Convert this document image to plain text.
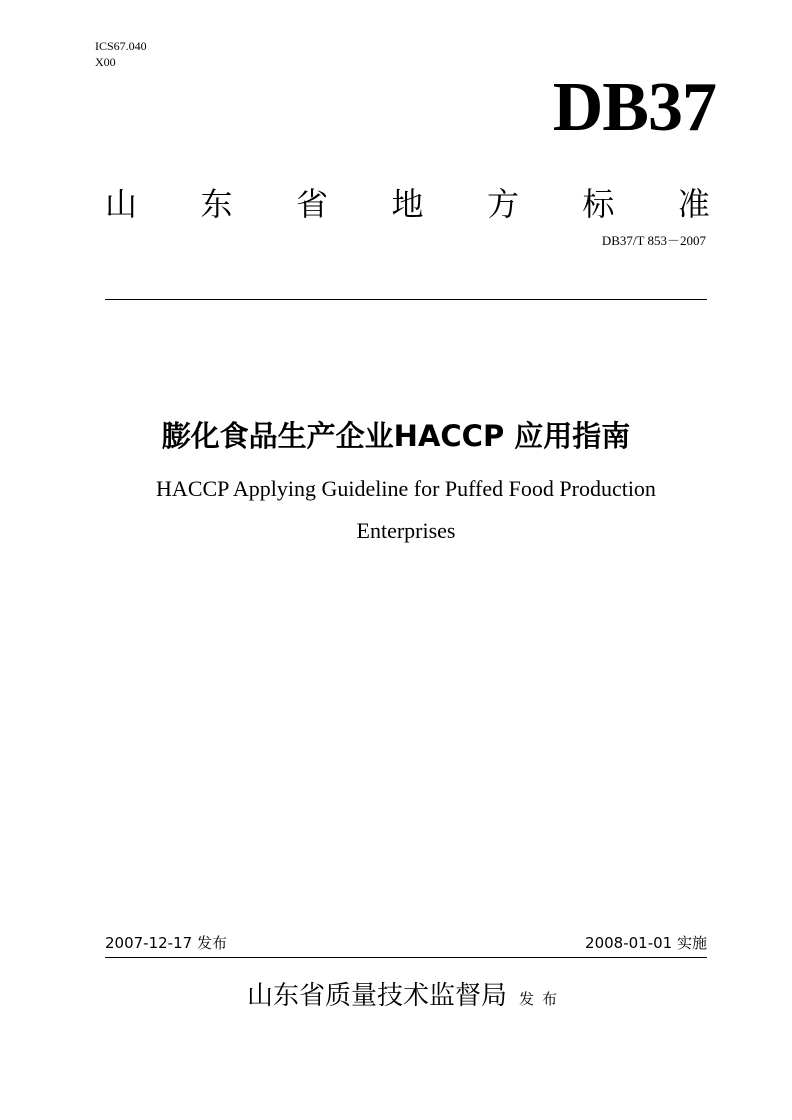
ICS67.040
X00
DB37
山 东 省 地 方 标 准
DB37/T 853－2007
膨化食品生产企业HACCP 应用指南
HACCP Applying Guideline for Puffed Food Production
Enterprises
2007-12-17 发布	2008-01-01 实施
山东省质量技术监督局 发布
